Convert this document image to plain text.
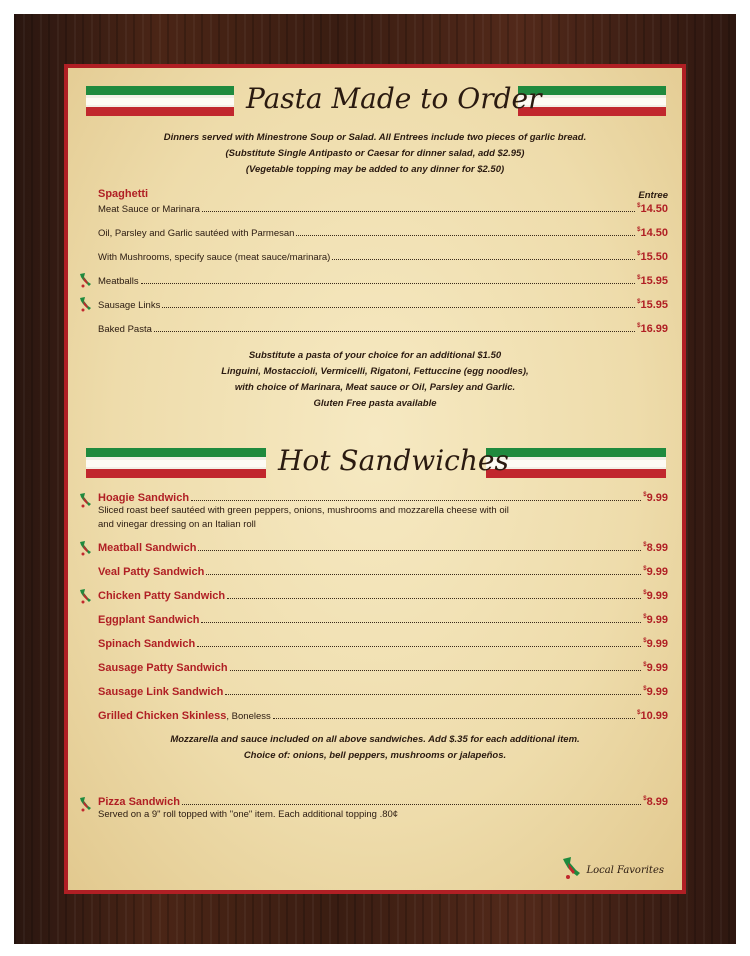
Pasta Made to Order
Dinners served with Minestrone Soup or Salad. All Entrees include two pieces of garlic bread.
(Substitute Single Antipasto or Caesar for dinner salad, add $2.95)
(Vegetable topping may be added to any dinner for $2.50)
Spaghetti	Entree
Meat Sauce or Marinara	$14.50
Oil, Parsley and Garlic sautéed with Parmesan	$14.50
With Mushrooms, specify sauce (meat sauce/marinara)	$15.50
Meatballs	$15.95
Sausage Links	$15.95
Baked Pasta	$16.99
Substitute a pasta of your choice for an additional $1.50
Linguini, Mostaccioli, Vermicelli, Rigatoni, Fettuccine (egg noodles),
with choice of Marinara, Meat sauce or Oil, Parsley and Garlic.
Gluten Free pasta available
Hot Sandwiches
Hoagie Sandwich	$9.99
Sliced roast beef sautéed with green peppers, onions, mushrooms and mozzarella cheese with oil
and vinegar dressing on an Italian roll
Meatball Sandwich	$8.99
Veal Patty Sandwich	$9.99
Chicken Patty Sandwich	$9.99
Eggplant Sandwich	$9.99
Spinach Sandwich	$9.99
Sausage Patty Sandwich	$9.99
Sausage Link Sandwich	$9.99
Grilled Chicken Skinless, Boneless	$10.99
Mozzarella and sauce included on all above sandwiches. Add $.35 for each additional item.
Choice of: onions, bell peppers, mushrooms or jalapeños.
Pizza Sandwich	$8.99
Served on a 9" roll topped with "one" item. Each additional topping .80¢
Local Favorites
